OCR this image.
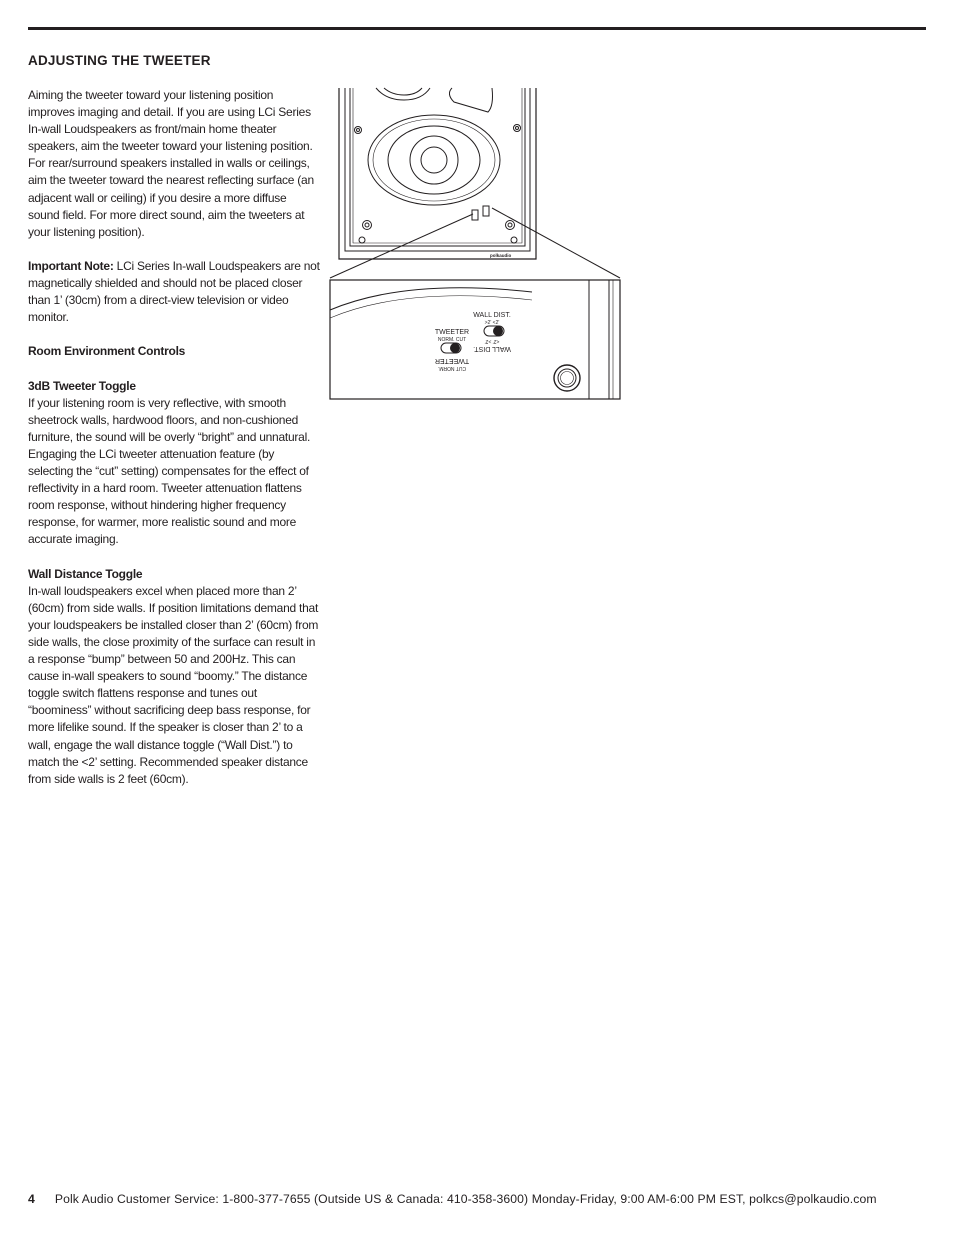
ADJUSTING THE TWEETER

Aiming the tweeter toward your listening position improves imaging and detail. If you are using LCi Series In-wall Loudspeakers as front/main home theater speakers, aim the tweeter toward your listening position. For rear/surround speakers installed in walls or ceilings, aim the tweeter toward the nearest reflecting surface (an adjacent wall or ceiling) if you desire a more diffuse sound field. For more direct sound, aim the tweeters at your listening position).

Important Note: LCi Series In-wall Loudspeakers are not magnetically shielded and should not be placed closer than 1’ (30cm) from a direct-view television or video monitor.

Room Environment Controls
3dB Tweeter Toggle

If your listening room is very reflective, with smooth sheetrock walls, hardwood floors, and non-cushioned furniture, the sound will be overly “bright” and unnatural. Engaging the LCi tweeter attenuation feature (by selecting the “cut” setting) compensates for the effect of reflectivity in a hard room. Tweeter attenuation flattens room response, without hindering higher frequency response, for warmer, more realistic sound and more accurate imaging.

Wall Distance Toggle

In-wall loudspeakers excel when placed more than 2’ (60cm) from side walls. If position limitations demand that your loudspeakers be installed closer than 2’ (60cm) from side walls, the close proximity of the surface can result in a response “bump” between 50 and 200Hz. This can cause in-wall speakers to sound “boomy.” The distance toggle switch flattens response and tunes out “boominess” without sacrificing deep bass response, for more lifelike sound. If the speaker is closer than 2’ to a wall, engage the wall distance toggle (“Wall Dist.”) to match the <2’ setting. Recommended speaker distance from side walls is 2 feet (60cm).

polkaudio
WALL DIST.
>2' <2'
TWEETER
NORM. CUT
WALL DIST.
<2' >2'
CUT NORM.
TWEETER
4 Polk Audio Customer Service: 1-800-377-7655 (Outside US & Canada: 410-358-3600) Monday-Friday, 9:00 AM-6:00 PM EST, polkcs@polkaudio.com
